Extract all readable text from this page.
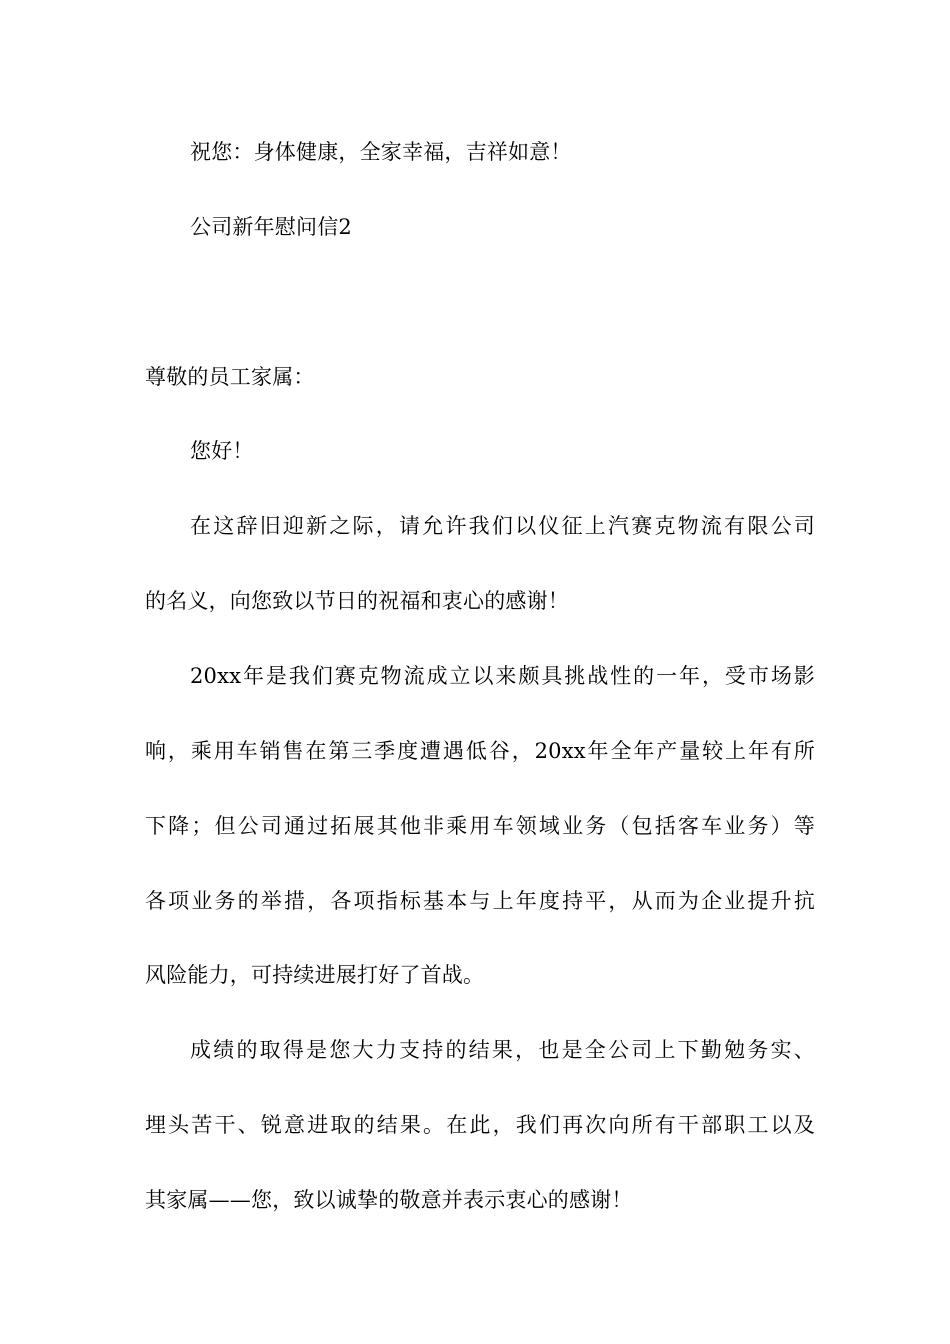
祝您：身体健康，全家幸福，吉祥如意！
公司新年慰问信2
尊敬的员工家属：
您好！
在这辞旧迎新之际，请允许我们以仪征上汽赛克物流有限公司
的名义，向您致以节日的祝福和衷心的感谢！
20xx年是我们赛克物流成立以来颇具挑战性的一年，受市场影
响，乘用车销售在第三季度遭遇低谷，20xx年全年产量较上年有所
下降；但公司通过拓展其他非乘用车领域业务（包括客车业务）等
各项业务的举措，各项指标基本与上年度持平，从而为企业提升抗
风险能力，可持续进展打好了首战。
成绩的取得是您大力支持的结果，也是全公司上下勤勉务实、
埋头苦干、锐意进取的结果。在此，我们再次向所有干部职工以及
其家属——您，致以诚挚的敬意并表示衷心的感谢！
